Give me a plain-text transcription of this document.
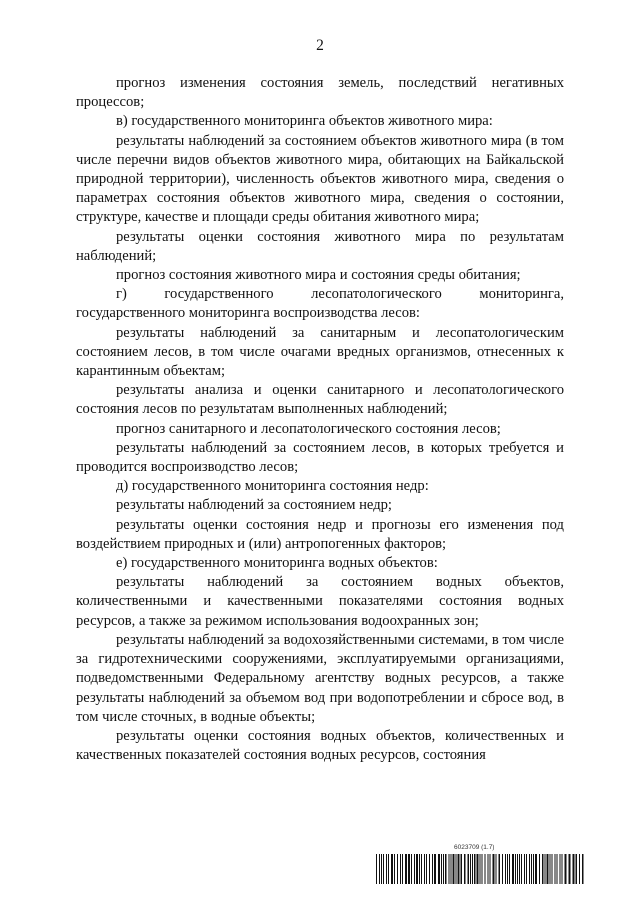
2

прогноз изменения состояния земель, последствий негативных процессов;

в) государственного мониторинга объектов животного мира:

результаты наблюдений за состоянием объектов животного мира (в том числе перечни видов объектов животного мира, обитающих на Байкальской природной территории), численность объектов животного мира, сведения о параметрах состояния объектов животного мира, сведения о состоянии, структуре, качестве и площади среды обитания животного мира;

результаты оценки состояния животного мира по результатам наблюдений;

прогноз состояния животного мира и состояния среды обитания;

г) государственного лесопатологического мониторинга, государственного мониторинга воспроизводства лесов:

результаты наблюдений за санитарным и лесопатологическим состоянием лесов, в том числе очагами вредных организмов, отнесенных к карантинным объектам;

результаты анализа и оценки санитарного и лесопатологического состояния лесов по результатам выполненных наблюдений;

прогноз санитарного и лесопатологического состояния лесов;

результаты наблюдений за состоянием лесов, в которых требуется и проводится воспроизводство лесов;

д) государственного мониторинга состояния недр:

результаты наблюдений за состоянием недр;

результаты оценки состояния недр и прогнозы его изменения под воздействием природных и (или) антропогенных факторов;

е) государственного мониторинга водных объектов:

результаты наблюдений за состоянием водных объектов, количественными и качественными показателями состояния водных ресурсов, а также за режимом использования водоохранных зон;

результаты наблюдений за водохозяйственными системами, в том числе за гидротехническими сооружениями, эксплуатируемыми организациями, подведомственными Федеральному агентству водных ресурсов, а также результаты наблюдений за объемом вод при водопотреблении и сбросе вод, в том числе сточных, в водные объекты;

результаты оценки состояния водных объектов, количественных и качественных показателей состояния водных ресурсов, состояния

6023709 (1.7)
